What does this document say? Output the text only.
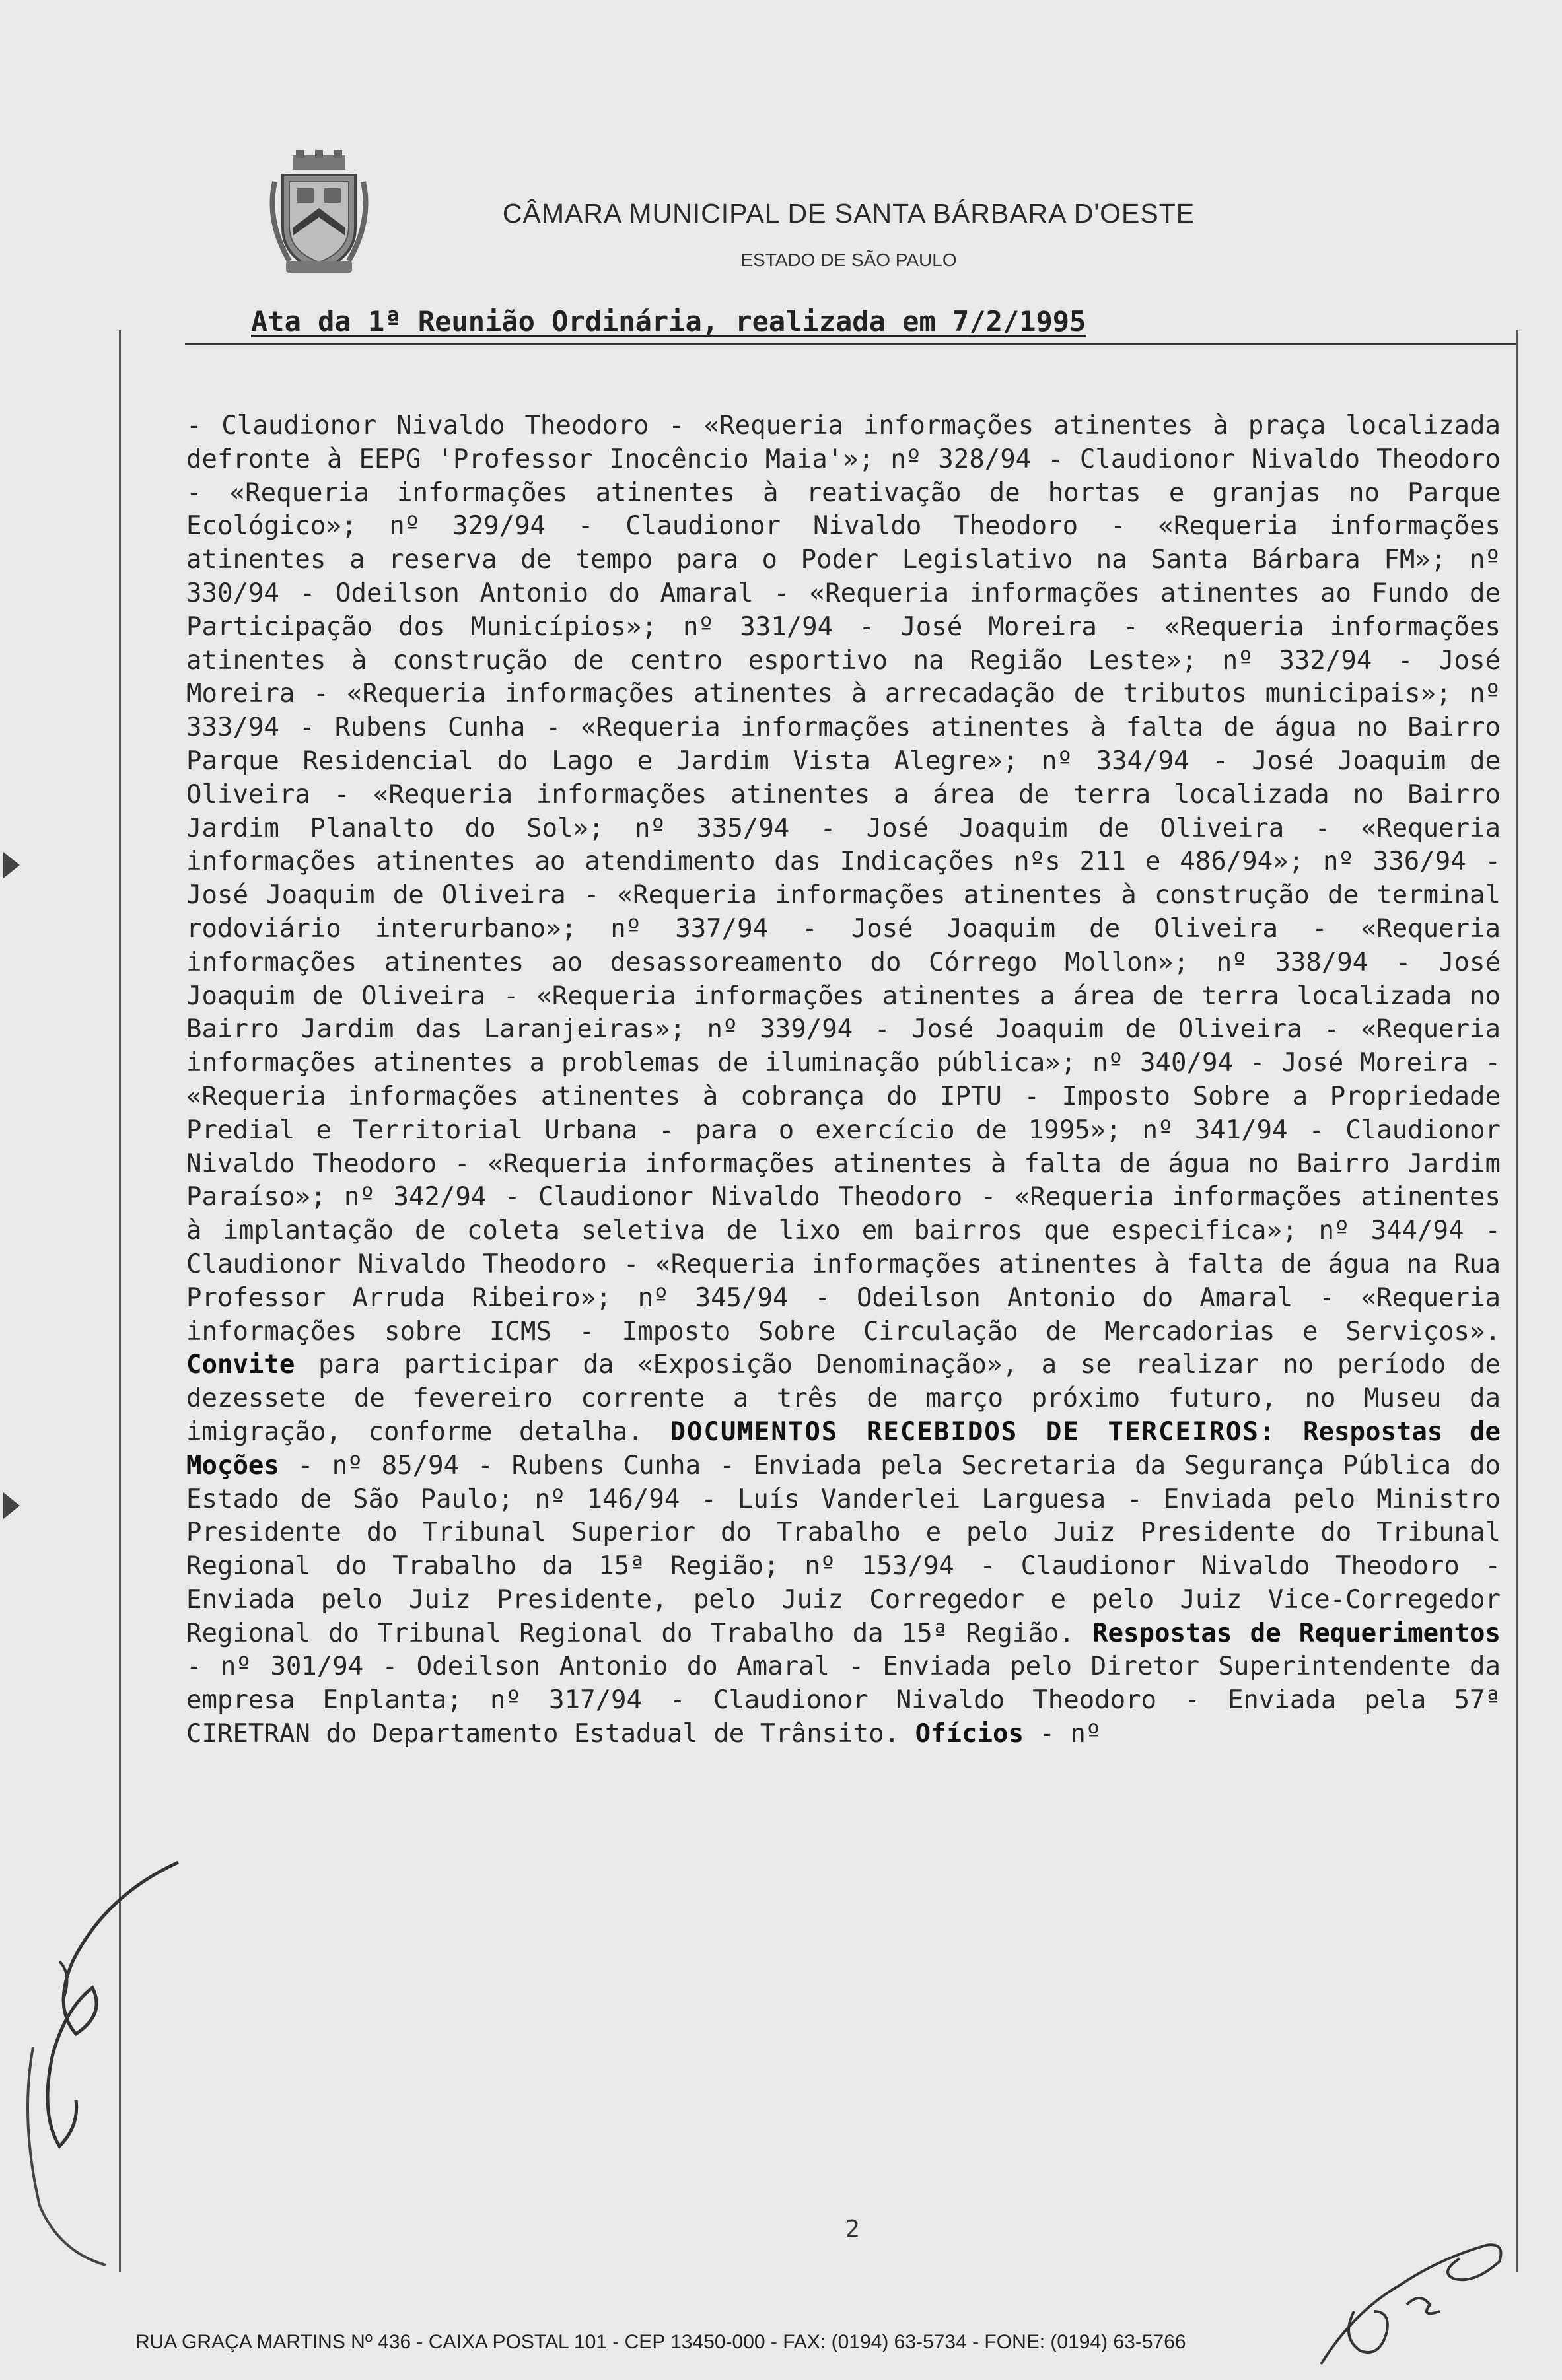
CÂMARA MUNICIPAL DE SANTA BÁRBARA D'OESTE
ESTADO DE SÃO PAULO
Ata da 1ª Reunião Ordinária, realizada em 7/2/1995
- Claudionor Nivaldo Theodoro - «Requeria informações atinentes à praça localizada defronte à EEPG 'Professor Inocêncio Maia'»; nº 328/94 - Claudionor Nivaldo Theodoro - «Requeria informações atinentes à reativação de hortas e granjas no Parque Ecológico»; nº 329/94 - Claudionor Nivaldo Theodoro - «Requeria informações atinentes a reserva de tempo para o Poder Legislativo na Santa Bárbara FM»; nº 330/94 - Odeilson Antonio do Amaral - «Requeria informações atinentes ao Fundo de Participação dos Municípios»; nº 331/94 - José Moreira - «Requeria informações atinentes à construção de centro esportivo na Região Leste»; nº 332/94 - José Moreira - «Requeria informações atinentes à arrecadação de tributos municipais»; nº 333/94 - Rubens Cunha - «Requeria informações atinentes à falta de água no Bairro Parque Residencial do Lago e Jardim Vista Alegre»; nº 334/94 - José Joaquim de Oliveira - «Requeria informações atinentes a área de terra localizada no Bairro Jardim Planalto do Sol»; nº 335/94 - José Joaquim de Oliveira - «Requeria informações atinentes ao atendimento das Indicações nºs 211 e 486/94»; nº 336/94 - José Joaquim de Oliveira - «Requeria informações atinentes à construção de terminal rodoviário interurbano»; nº 337/94 - José Joaquim de Oliveira - «Requeria informações atinentes ao desassoreamento do Córrego Mollon»; nº 338/94 - José Joaquim de Oliveira - «Requeria informações atinentes a área de terra localizada no Bairro Jardim das Laranjeiras»; nº 339/94 - José Joaquim de Oliveira - «Requeria informações atinentes a problemas de iluminação pública»; nº 340/94 - José Moreira - «Requeria informações atinentes à cobrança do IPTU - Imposto Sobre a Propriedade Predial e Territorial Urbana - para o exercício de 1995»; nº 341/94 - Claudionor Nivaldo Theodoro - «Requeria informações atinentes à falta de água no Bairro Jardim Paraíso»; nº 342/94 - Claudionor Nivaldo Theodoro - «Requeria informações atinentes à implantação de coleta seletiva de lixo em bairros que especifica»; nº 344/94 - Claudionor Nivaldo Theodoro - «Requeria informações atinentes à falta de água na Rua Professor Arruda Ribeiro»; nº 345/94 - Odeilson Antonio do Amaral - «Requeria informações sobre ICMS - Imposto Sobre Circulação de Mercadorias e Serviços». Convite para participar da «Exposição Denominação», a se realizar no período de dezessete de fevereiro corrente a três de março próximo futuro, no Museu da imigração, conforme detalha. DOCUMENTOS RECEBIDOS DE TERCEIROS: Respostas de Moções - nº 85/94 - Rubens Cunha - Enviada pela Secretaria da Segurança Pública do Estado de São Paulo; nº 146/94 - Luís Vanderlei Larguesa - Enviada pelo Ministro Presidente do Tribunal Superior do Trabalho e pelo Juiz Presidente do Tribunal Regional do Trabalho da 15ª Região; nº 153/94 - Claudionor Nivaldo Theodoro - Enviada pelo Juiz Presidente, pelo Juiz Corregedor e pelo Juiz Vice-Corregedor Regional do Tribunal Regional do Trabalho da 15ª Região. Respostas de Requerimentos - nº 301/94 - Odeilson Antonio do Amaral - Enviada pelo Diretor Superintendente da empresa Enplanta; nº 317/94 - Claudionor Nivaldo Theodoro - Enviada pela 57ª CIRETRAN do Departamento Estadual de Trânsito. Ofícios - nº
2
RUA GRAÇA MARTINS Nº 436 - CAIXA POSTAL 101 - CEP 13450-000 - FAX: (0194) 63-5734 - FONE: (0194) 63-5766
